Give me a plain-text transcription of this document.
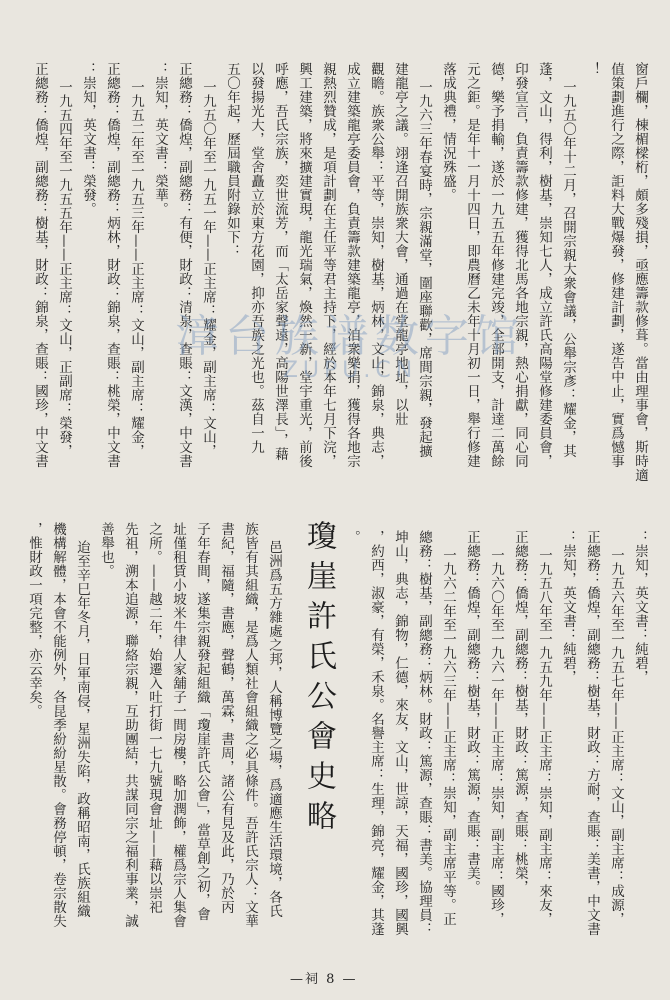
窗戶欄，棟楣樑桁，頗多殘損，亟應籌款修葺。當由理事會，斯時適
值策劃進行之際，詎料大戰爆發，修建計劃，遂告中止，實爲憾事
！
一九五〇年十二月，召開宗親大衆會議，公舉宗彥：耀金，其
蓬，文山，得利，樹基，崇知七人，成立許氏高陽堂修建委員會，
印發宣言，負責籌款修建，獲得北馬各地宗親，熱心捐獻，同心同
德，樂予捐輸，遂於一九五五年修建完竣，全部開支，計達二萬餘
元之鉅。是年十一月十四日，即農曆乙未年十月初一日，舉行修建
落成典禮，情況殊盛。
一九六三年春宴時，宗親滿堂，圍座聯歡，席間宗親，發起擴
建龍亭之議。翊逢召開族衆大會，通過在堂龍亭地址，以壯
觀瞻。族衆公舉：平等，崇知，樹基，炳林，文山，錦泉，典志，
成立建築龍亭委員會，負責籌款建築龍亭，洎衆樂捐，獲得各地宗
親熱烈贊成，是項計劃在主任平等君主持下，經於本年七月下浣，
興工建築，將來擴建實現，龍光瑞氣，煥然一新，堂宇重光，前後
呼應，吾氏宗族，奕世流芳，而「太岳家聲遠，高陽世澤長」，藉
以發揚光大，堂舍矗立於東方花園，抑亦吾族之光也。茲自一九
五〇年起，歷屆職員附錄如下：
一九五〇年至一九五一年——正主席：耀金，副主席：文山，
正總務：僑煌，副總務：有便，財政：清泉，查賬：文漢，中文書
：崇知，英文書：榮華。
一九五二年至一九五三年——正主席：文山，副主席：耀金，
正總務：僑煌，副總務：炳林，財政：錦泉，查賬：桃榮，中文書
：崇知，英文書：榮發。
一九五四年至一九五五年——正主席：文山，正副席：榮發，
正總務：僑煌，副總務：樹基，財政：錦泉，查賬：國珍，中文書
：崇知，英文書：純碧，
一九五六年至一九五七年——正主席：文山，副主席：成源，
正總務：僑煌，副總務：樹基，財政：方耐，查賬：美書，中文書
：崇知，英文書：純碧，
一九五八年至一九五九年——正主席：崇知，副主席：來友，
正總務：僑煌，副總務：樹基，財政：篤源，查賬：桃榮，
一九六〇年至一九六一年——正主席：崇知，副主席：國珍，
正總務：僑煌，副總務：樹基，財政：篤源，查賬：書美。
一九六二年至一九六三年——正主席：崇知，副主席平等。正
總務：樹基，副總務：炳林。財政：篤源，查賬：書美。協理員：
坤山，典志，錦物，仁德，來友，文山，世諒，天福，國珍，國興
，約西，淑豪，有榮，禾泉。名譽主席：生理，錦亮，耀金，其蓬
。
瓊崖許氏公會史略
邑洲爲五方雜處之邦，人稱博覽之場，爲適應生活環境，各氏
族皆有其組織，是爲人類社會組織之必具條件。吾許氏宗人：文華
書紀，福隨，書應，聲鶴，萬霖，書周，諸公有見及此，乃於丙
子年春間，遂集宗親發起組織「瓊崖許氏公會」，當草創之初，會
址僅租賃小坡米牛律人家舖子一間房樓，略加潤飾，權爲宗人集會
之所。——越二年，始遷入吐打街一七九號現會址——藉以崇祀
先祖，溯本追源，聯絡宗親，互助團結，共謀同宗之福利事業，誠
善舉也。
迨至辛巳年冬月，日軍南侵，星洲失陷，政稱昭南，氏族組織
機構解體，本會不能例外，各昆季紛紛星散。會務停頓，卷宗散失
，惟財政一項完整，亦云幸矣。
漳台族谱数字馆
ZUPU.CN
—祠 8 —
